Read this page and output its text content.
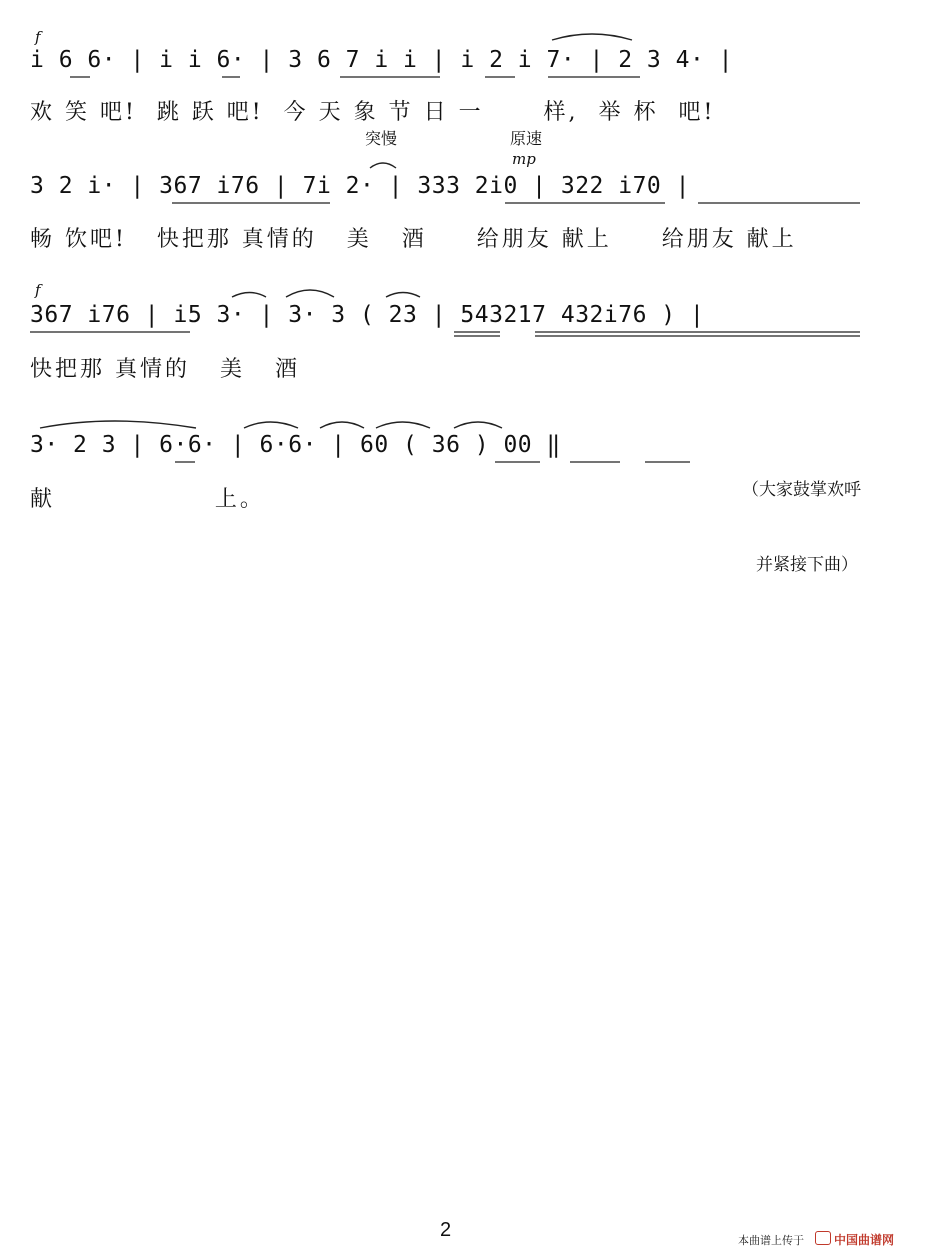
f
i 6 6· | i i 6· | 3 6 7 i i | i 2 i 7· | 2 3 4· |
欢 笑 吧!  跳 跃 吧!  今 天 象 节 日 一      样,  举 杯  吧!
突慢	原速
mp
3 2 i· | 367 i76 | 7i 2· | 333 2i0 | 322 i70 |
畅 饮吧!   快把那 真情的   美   酒     给朋友 献上     给朋友 献上
f
367 i76 | i5 3· | 3· 3 ( 23 | 543217 432i76 ) |
快把那 真情的   美   酒
3· 2 3 | 6·6· | 6·6· | 60 ( 36 ) 00 ‖
献                上。

	（大家鼓掌欢呼

并紧接下曲）

2	本曲谱上传于	中国曲谱网
